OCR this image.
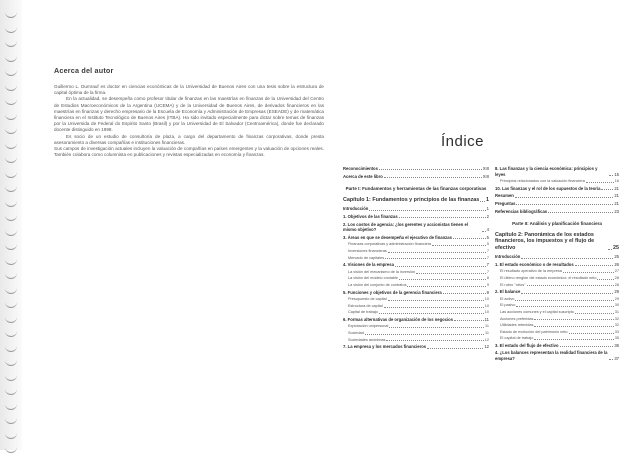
Acerca del autor

Guillermo L. Dumrauf es doctor en ciencias económicas de la Universidad de Buenos Aires con una tesis sobre la estructura de capital óptima de la firma.

En la actualidad, se desempeña como profesor titular de finanzas en las maestrías en finanzas de la Universidad del Centro de Estudios Macroeconómicos de la Argentina (UCEMA) y de la Universidad de Buenos Aires, de derivados financieros en las maestrías en finanzas y derecho empresario de la Escuela de Economía y Administración de Empresas (ESEADE) y de matemática financiera en el Instituto Tecnológico de Buenos Aires (ITBA). Ha sido invitado especialmente para dictar sobre temas de finanzas por la Universida de Federal do Espirito Santo (Brasil) y por la Universidad de El Salvador (Centroamérica), donde fue declarado docente distinguido en 1998.

Es socio de un estudio de consultoría de plaza, a cargo del departamento de finanzas corporativas, donde presta asesoramiento a diversas compañías e instituciones financieras.

Sus campos de investigación actuales incluyen la valuación de compañías en países emergentes y la valuación de opciones reales. También colabora como columnista en publicaciones y revistas especializadas en economía y finanzas.

Índice
Reconocimientos	XIII
Acerca de este libro	XIII
Parte I: Fundamentos y herramientas de las finanzas corporativas
Capítulo 1: Fundamentos y principios de las finanzas 1
Introducción	1
1. Objetivos de las finanzas	2
2. Los costos de agencia: ¿los gerentes y accionistas tienen el mismo objetivo?	4
3. Áreas en que se desempeña el ejecutivo de finanzas	5
Finanzas corporativas y administración financiera	5
Inversiones financieras	7
Mercado de capitales	7
4. Visiones de la empresa	7
La visión del mecanismo de la inversión	7
La visión del modelo contable	8
La visión del conjunto de contratos	9
5. Funciones y objetivos de la gerencia financiera	9
Presupuesto de capital	10
Estructura de capital	10
Capital de trabajo	10
6. Formas alternativas de organización de los negocios	11
Explotación unipersonal	11
Sociedad	11
Sociedades anónimas	12
7. La empresa y los mercados financieros	12
8. Las finanzas y la ciencia económica: principios y leyes	15
Principios relacionados con la valuación financiera	16
10. Las finanzas y el rol de los supuestos de la teoría	21
Resumen	21
Preguntas	21
Referencias bibliográficas	23
Parte II: Análisis y planificación financiera
Capítulo 2: Panorámica de los estados financieros, los impuestos y el flujo de efectivo	25
Introducción	25
1. El estado económico o de resultados	26
El resultado operativo de la empresa	27
El último renglón del estado económico: el resultado neto	28
El rubro "otros"	28
2. El balance	29
El activo	29
El pasivo	30
Las acciones comunes y el capital suscripto	31
Acciones preferidas	32
Utilidades retenidas	32
Estado de evolución del patrimonio neto	33
El capital de trabajo	35
3. El estado del flujo de efectivo	36
4. ¿Los balances representan la realidad financiera de la empresa?	37
